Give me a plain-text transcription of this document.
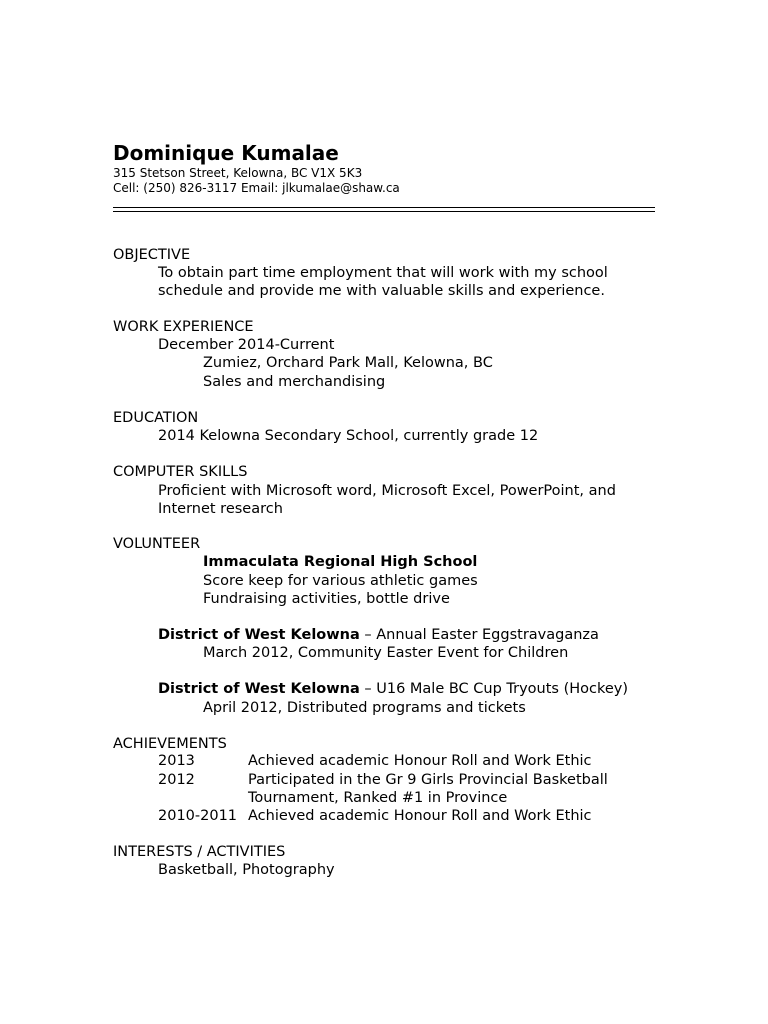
Dominique Kumalae
315 Stetson Street, Kelowna, BC V1X 5K3
Cell: (250) 826-3117 Email: jlkumalae@shaw.ca
OBJECTIVE
To obtain part time employment that will work with my school
schedule and provide me with valuable skills and experience.
WORK EXPERIENCE
December 2014-Current
Zumiez, Orchard Park Mall, Kelowna, BC
Sales and merchandising
EDUCATION
2014 Kelowna Secondary School, currently grade 12
COMPUTER SKILLS
Proficient with Microsoft word, Microsoft Excel, PowerPoint, and
Internet research
VOLUNTEER
Immaculata Regional High School
Score keep for various athletic games
Fundraising activities, bottle drive
District of West Kelowna – Annual Easter Eggstravaganza
March 2012, Community Easter Event for Children
District of West Kelowna – U16 Male BC Cup Tryouts (Hockey)
April 2012, Distributed programs and tickets
ACHIEVEMENTS
2013	Achieved academic Honour Roll and Work Ethic
2012	Participated in the Gr 9 Girls Provincial Basketball
Tournament, Ranked #1 in Province
2010-2011 Achieved academic Honour Roll and Work Ethic
INTERESTS / ACTIVITIES
Basketball, Photography
